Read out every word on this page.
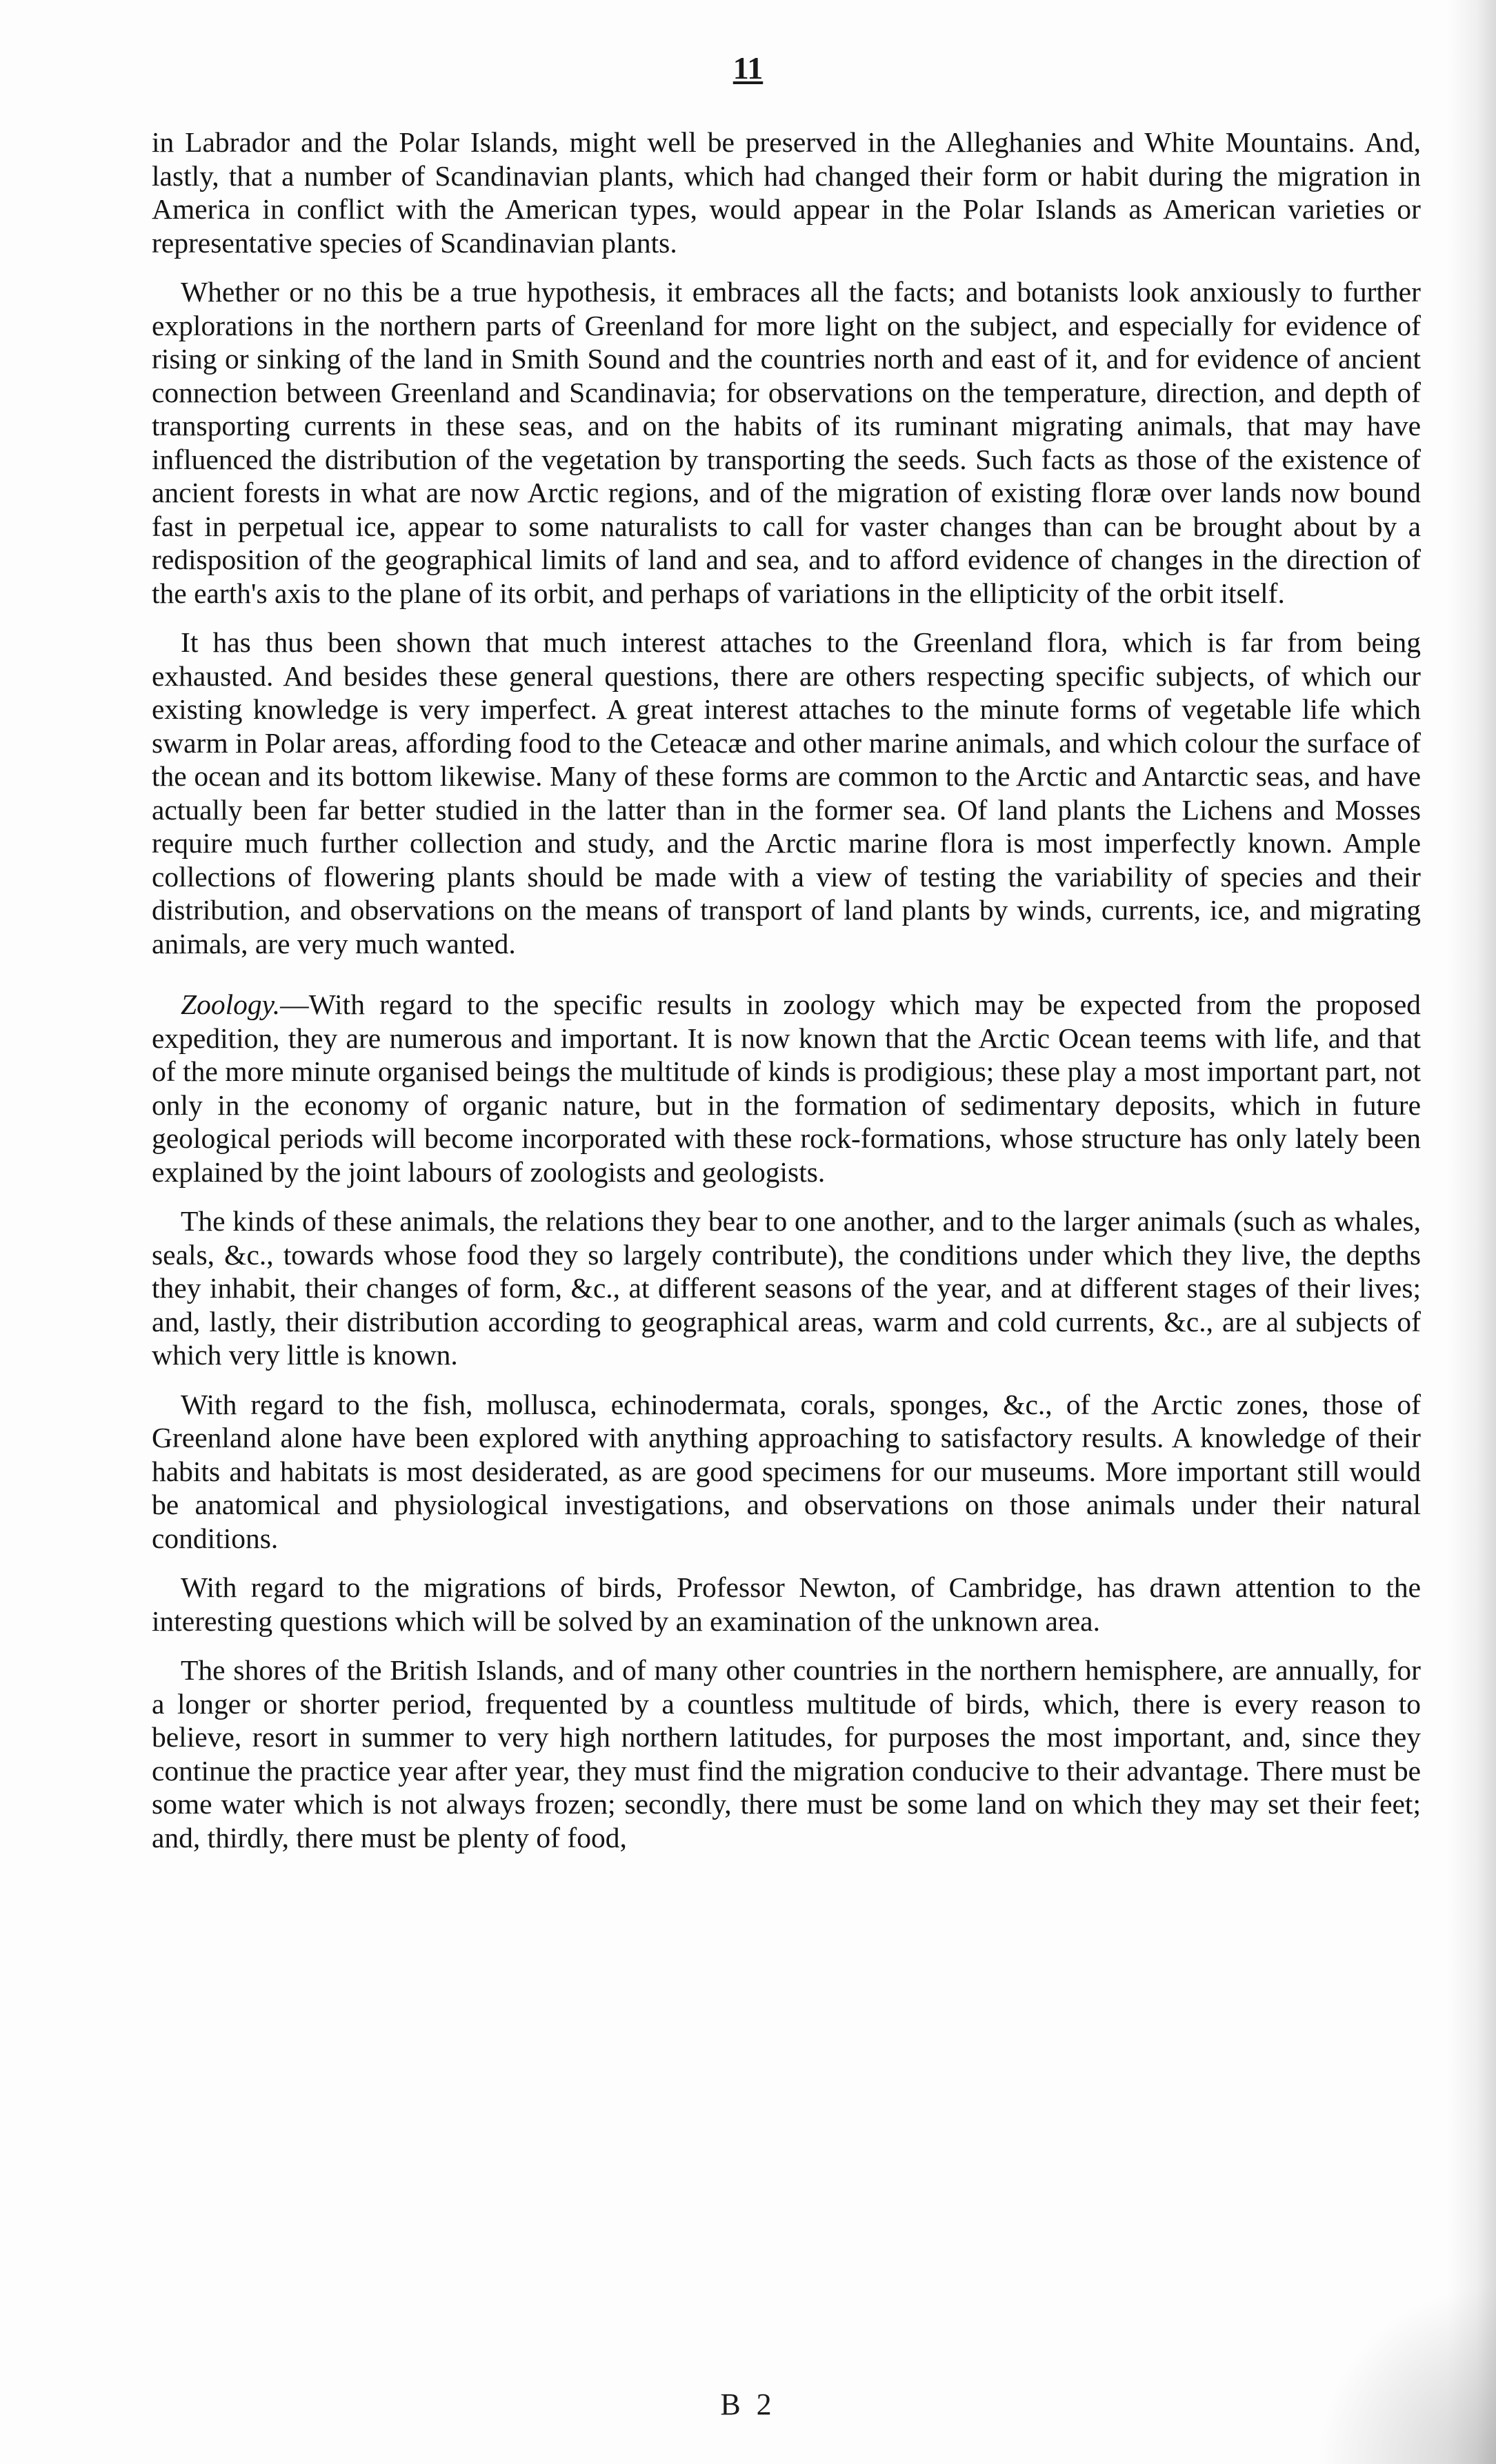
11

in Labrador and the Polar Islands, might well be preserved in the Alleghanies and White Mountains. And, lastly, that a number of Scandinavian plants, which had changed their form or habit during the migration in America in conflict with the American types, would appear in the Polar Islands as American varieties or representative species of Scandinavian plants.

Whether or no this be a true hypothesis, it embraces all the facts; and botanists look anxiously to further explorations in the northern parts of Greenland for more light on the subject, and especially for evidence of rising or sinking of the land in Smith Sound and the countries north and east of it, and for evidence of ancient connection between Greenland and Scandinavia; for observations on the temperature, direction, and depth of transporting currents in these seas, and on the habits of its ruminant migrating animals, that may have influenced the distribution of the vegetation by transporting the seeds. Such facts as those of the existence of ancient forests in what are now Arctic regions, and of the migration of existing floræ over lands now bound fast in perpetual ice, appear to some naturalists to call for vaster changes than can be brought about by a redisposition of the geographical limits of land and sea, and to afford evidence of changes in the direction of the earth's axis to the plane of its orbit, and perhaps of variations in the ellipticity of the orbit itself.

It has thus been shown that much interest attaches to the Greenland flora, which is far from being exhausted. And besides these general questions, there are others respecting specific subjects, of which our existing knowledge is very imperfect. A great interest attaches to the minute forms of vegetable life which swarm in Polar areas, affording food to the Ceteacæ and other marine animals, and which colour the surface of the ocean and its bottom likewise. Many of these forms are common to the Arctic and Antarctic seas, and have actually been far better studied in the latter than in the former sea. Of land plants the Lichens and Mosses require much further collection and study, and the Arctic marine flora is most imperfectly known. Ample collections of flowering plants should be made with a view of testing the variability of species and their distribution, and observations on the means of transport of land plants by winds, currents, ice, and migrating animals, are very much wanted.

Zoology.—With regard to the specific results in zoology which may be expected from the proposed expedition, they are numerous and important. It is now known that the Arctic Ocean teems with life, and that of the more minute organised beings the multitude of kinds is prodigious; these play a most important part, not only in the economy of organic nature, but in the formation of sedimentary deposits, which in future geological periods will become incorporated with these rock-formations, whose structure has only lately been explained by the joint labours of zoologists and geologists.

The kinds of these animals, the relations they bear to one another, and to the larger animals (such as whales, seals, &c., towards whose food they so largely contribute), the conditions under which they live, the depths they inhabit, their changes of form, &c., at different seasons of the year, and at different stages of their lives; and, lastly, their distribution according to geographical areas, warm and cold currents, &c., are al subjects of which very little is known.

With regard to the fish, mollusca, echinodermata, corals, sponges, &c., of the Arctic zones, those of Greenland alone have been explored with anything approaching to satisfactory results. A knowledge of their habits and habitats is most desiderated, as are good specimens for our museums. More important still would be anatomical and physiological investigations, and observations on those animals under their natural conditions.

With regard to the migrations of birds, Professor Newton, of Cambridge, has drawn attention to the interesting questions which will be solved by an examination of the unknown area.

The shores of the British Islands, and of many other countries in the northern hemisphere, are annually, for a longer or shorter period, frequented by a countless multitude of birds, which, there is every reason to believe, resort in summer to very high northern latitudes, for purposes the most important, and, since they continue the practice year after year, they must find the migration conducive to their advantage. There must be some water which is not always frozen; secondly, there must be some land on which they may set their feet; and, thirdly, there must be plenty of food,

B 2
